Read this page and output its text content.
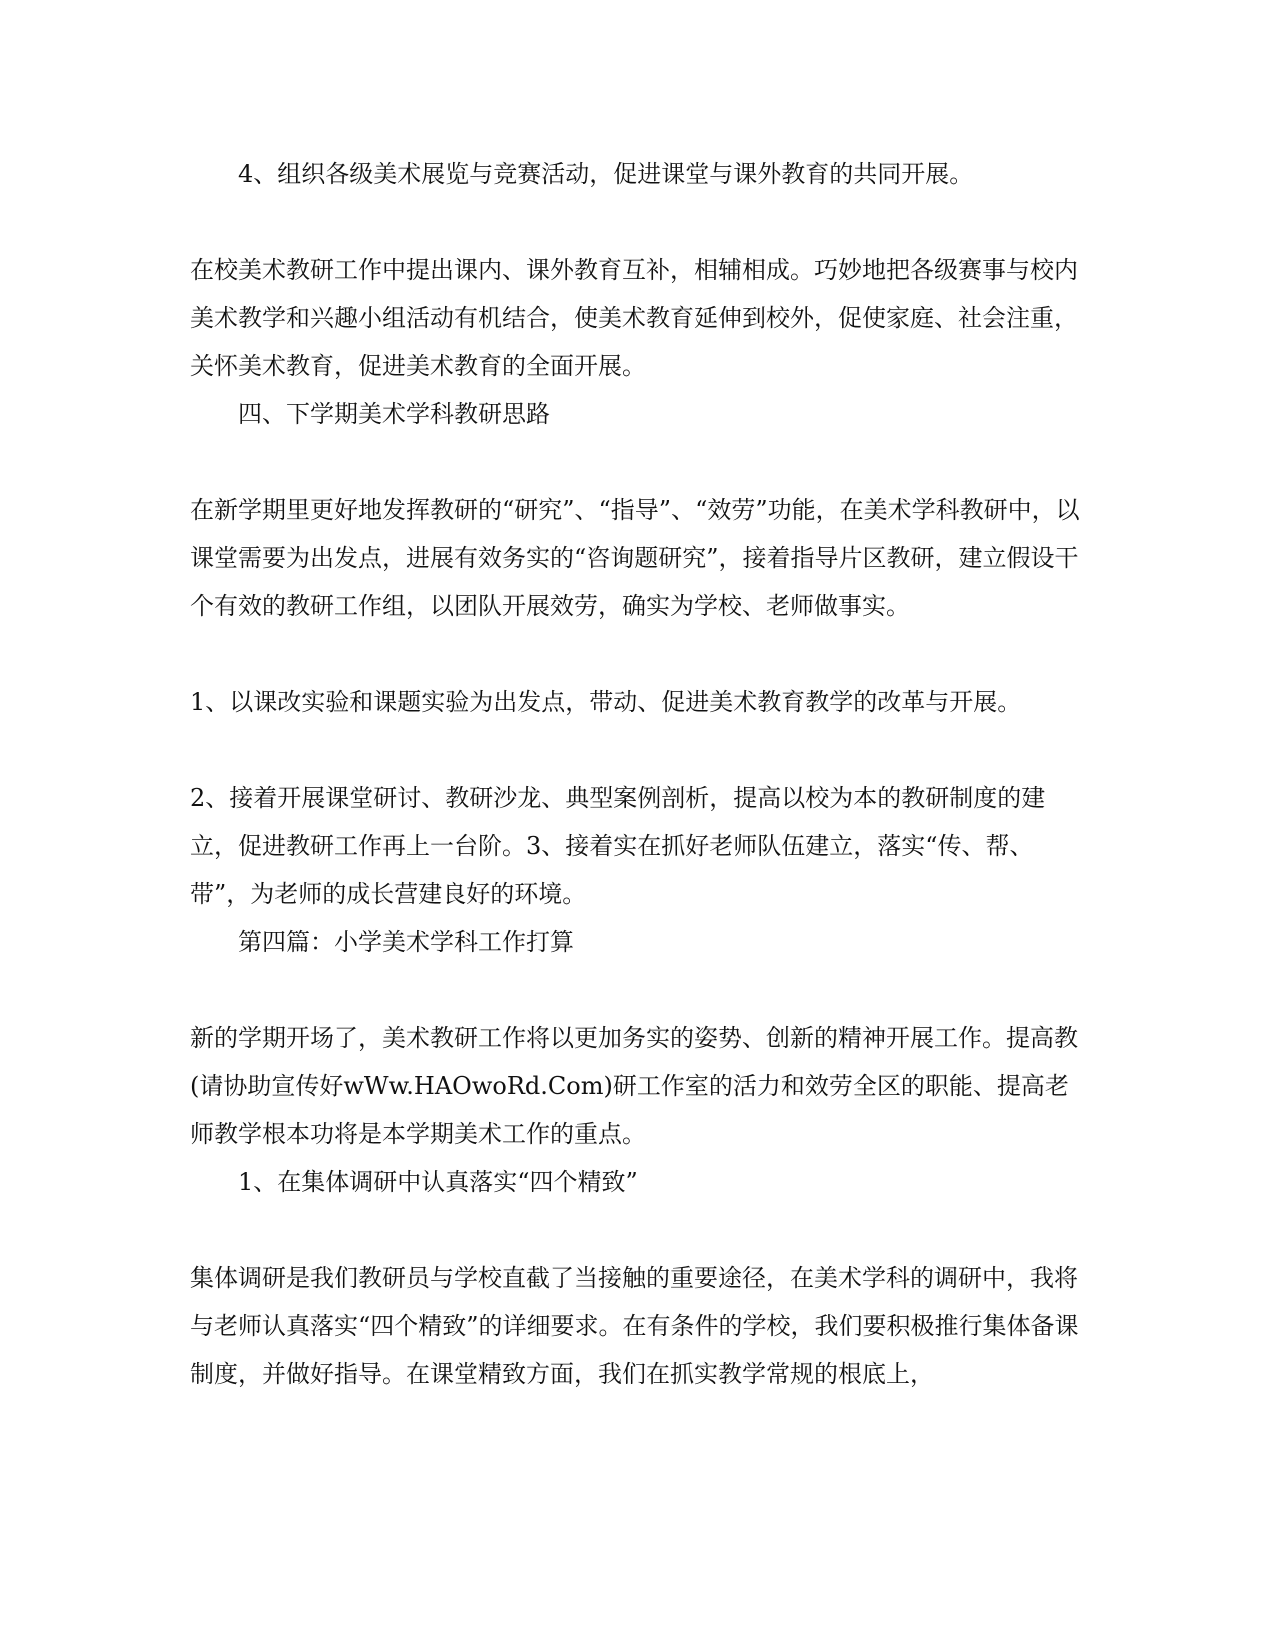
4、组织各级美术展览与竞赛活动，促进课堂与课外教育的共同开展。

在校美术教研工作中提出课内、课外教育互补，相辅相成。巧妙地把各级赛事与校内美术教学和兴趣小组活动有机结合，使美术教育延伸到校外，促使家庭、社会注重，关怀美术教育，促进美术教育的全面开展。

四、下学期美术学科教研思路

在新学期里更好地发挥教研的“研究”、“指导”、“效劳”功能，在美术学科教研中，以课堂需要为出发点，进展有效务实的“咨询题研究”，接着指导片区教研，建立假设干个有效的教研工作组，以团队开展效劳，确实为学校、老师做事实。

1、以课改实验和课题实验为出发点，带动、促进美术教育教学的改革与开展。

2、接着开展课堂研讨、教研沙龙、典型案例剖析，提高以校为本的教研制度的建立，促进教研工作再上一台阶。3、接着实在抓好老师队伍建立，落实“传、帮、带”，为老师的成长营建良好的环境。

第四篇：小学美术学科工作打算

新的学期开场了，美术教研工作将以更加务实的姿势、创新的精神开展工作。提高教(请协助宣传好wWw.HAOwoRd.Com)研工作室的活力和效劳全区的职能、提高老师教学根本功将是本学期美术工作的重点。

1、在集体调研中认真落实“四个精致”

集体调研是我们教研员与学校直截了当接触的重要途径，在美术学科的调研中，我将与老师认真落实“四个精致”的详细要求。在有条件的学校，我们要积极推行集体备课制度，并做好指导。在课堂精致方面，我们在抓实教学常规的根底上，
